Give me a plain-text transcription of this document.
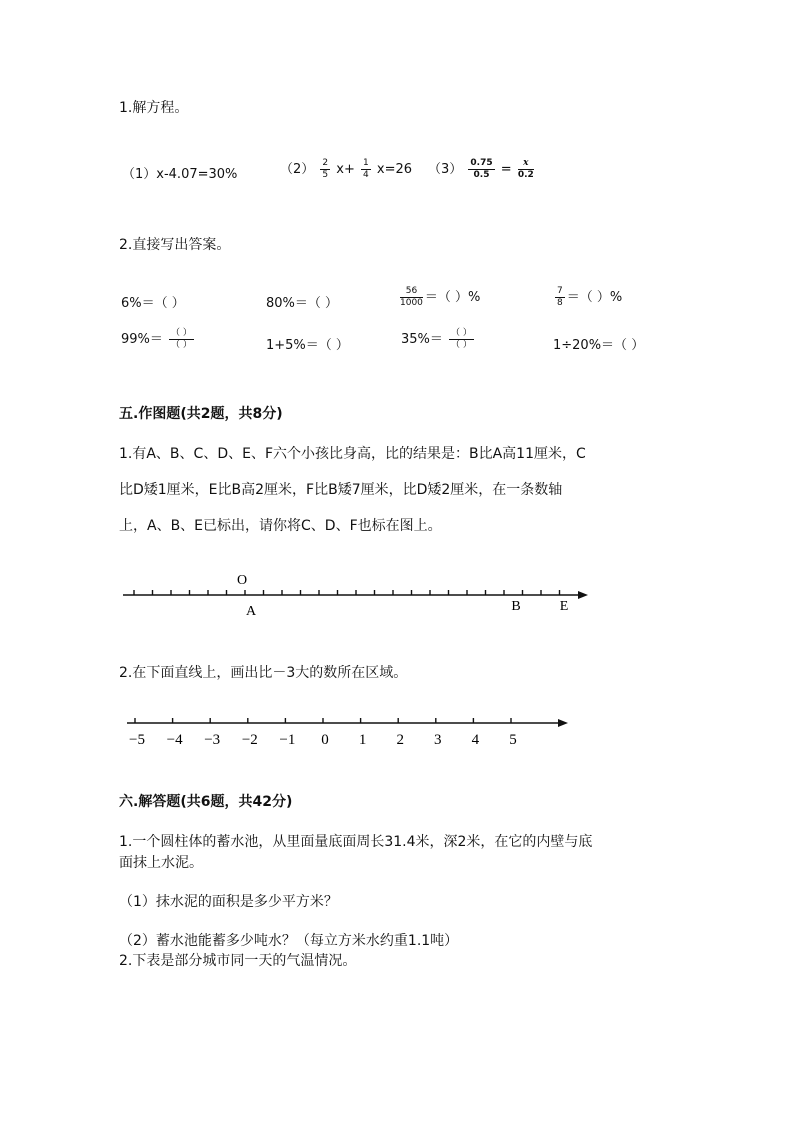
1.解方程。
（1）x-4.07=30%	$(2) \frac{2}{5} x+ \frac{1}{4} x=26$ $(3) \frac{0.75}{0.5} = \frac{x}{0.2}$
2.直接写出答案。
6%＝（ ）	80%＝（ ）	$\frac{56}{1000}$ ＝（ ）%	$\frac{7}{8}$ ＝（ ）%
$99\%= \frac{( )}{( )}$	1+5%＝（ ）	$35\%= \frac{( )}{( )}$	1÷20%＝（ ）
五.作图题(共2题，共8分)
1.有A、B、C、D、E、F六个小孩比身高，比的结果是：B比A高11厘米，C
比D矮1厘米，E比B高2厘米，F比B矮7厘米，比D矮2厘米，在一条数轴
上，A、B、E已标出，请你将C、D、F也标在图上。
O
A	B	E
2.在下面直线上，画出比－3大的数所在区域。
−5 −4 −3 −2 −1 0 1 2 3 4 5
六.解答题(共6题，共42分)
1.一个圆柱体的蓄水池，从里面量底面周长31.4米，深2米，在它的内壁与底
面抹上水泥。
（1）抹水泥的面积是多少平方米？
（2）蓄水池能蓄多少吨水？（每立方米水约重1.1吨）
2.下表是部分城市同一天的气温情况。
